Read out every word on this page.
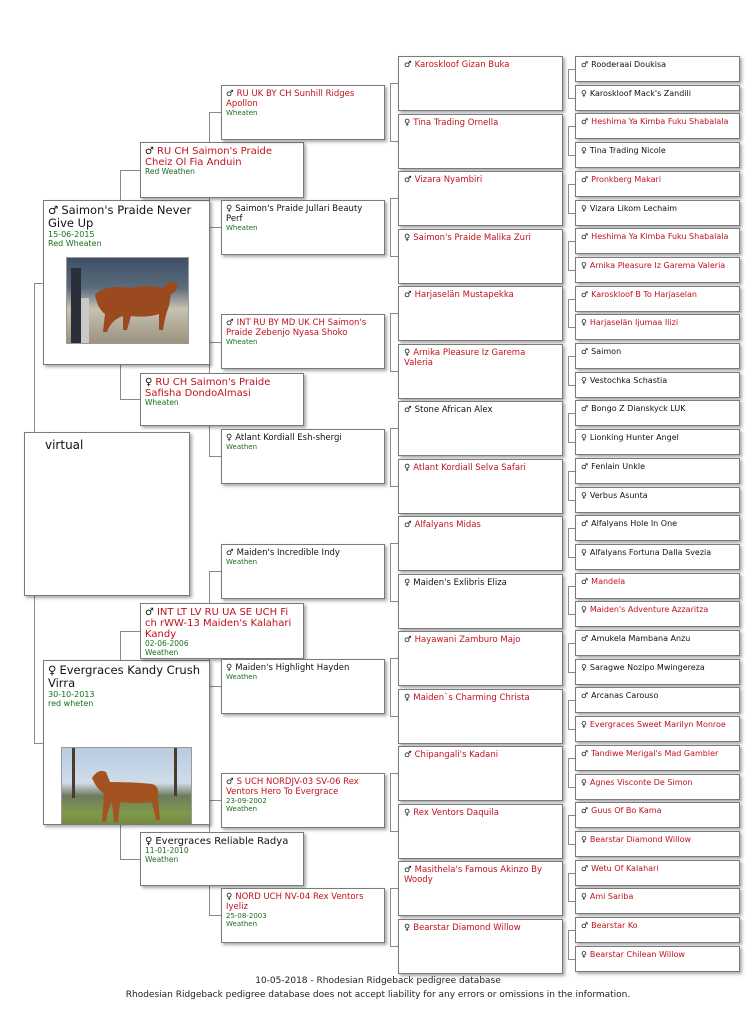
virtual
♂ Saimon's Praide Never Give Up
15-06-2015
Red Wheaten
♀ Evergraces Kandy Crush Virra
30-10-2013
red wheten
♂ RU CH Saimon's Praide Cheiz Ol Fia Anduin
Red Weathen
♀ RU CH Saimon's Praide Safisha DondoAlmasi
Wheaten
♂ INT LT LV RU UA SE UCH Fi ch rWW-13 Maiden's Kalahari Kandy
02-06-2006
Weathen
♀ Evergraces Reliable Radya
11-01-2010
Weathen
♂ RU UK BY CH Sunhill Ridges Apollon
Wheaten
♀ Saimon's Praide Jullari Beauty Perf
Wheaten
♂ INT RU BY MD UK CH Saimon's Praide Zebenjo Nyasa Shoko
Wheaten
♀ Atlant Kordiall Esh-shergi
Weathen
♂ Maiden's Incredible Indy
Weathen
♀ Maiden's Highlight Hayden
Weathen
♂ S UCH NORDJV-03 SV-06 Rex Ventors Hero To Evergrace
23-09-2002
Weathen
♀ NORD UCH NV-04 Rex Ventors Iyeliz
25-08-2003
Weathen
♂ Karoskloof Gizan Buka
♀ Tina Trading Ornella
♂ Vizara Nyambiri
♀ Saimon's Praide Malika Zuri
♂ Harjaselän Mustapekka
♀ Arnika Pleasure Iz Garema Valeria
♂ Stone African Alex
♀ Atlant Kordiall Selva Safari
♂ Alfalyans Midas
♀ Maiden's Exlibris Eliza
♂ Hayawani Zamburo Majo
♀ Maiden`s Charming Christa
♂ Chipangali's Kadani
♀ Rex Ventors Daquila
♂ Masithela's Famous Akinzo By Woody
♀ Bearstar Diamond Willow
♂ Rooderaai Doukisa
♀ Karoskloof Mack's Zandili
♂ Heshima Ya Kimba Fuku Shabalala
♀ Tina Trading Nicole
♂ Pronkberg Makari
♀ Vizara Likom Lechaim
♂ Heshima Ya Kimba Fuku Shabalala
♀ Arnika Pleasure Iz Garema Valeria
♂ Karoskloof B To Harjaselan
♀ Harjaselän Ijumaa Ilizi
♂ Saimon
♀ Vestochka Schastia
♂ Bongo Z Dianskyck LUK
♀ Lionking Hunter Angel
♂ Fenlain Unkle
♀ Verbus Asunta
♂ Alfalyans Hole In One
♀ Alfalyans Fortuna Dalla Svezia
♂ Mandela
♀ Maiden's Adventure Azzaritza
♂ Amukela Mambana Anzu
♀ Saragwe Nozipo Mwingereza
♂ Arcanas Carouso
♀ Evergraces Sweet Marilyn Monroe
♂ Tandiwe Merigal's Mad Gambler
♀ Agnes Visconte De Simon
♂ Guus Of Bo Kama
♀ Bearstar Diamond Willow
♂ Wetu Of Kalahari
♀ Ami Sariba
♂ Bearstar Ko
♀ Bearstar Chilean Willow
10-05-2018 - Rhodesian Ridgeback pedigree database
Rhodesian Ridgeback pedigree database does not accept liability for any errors or omissions in the information.
